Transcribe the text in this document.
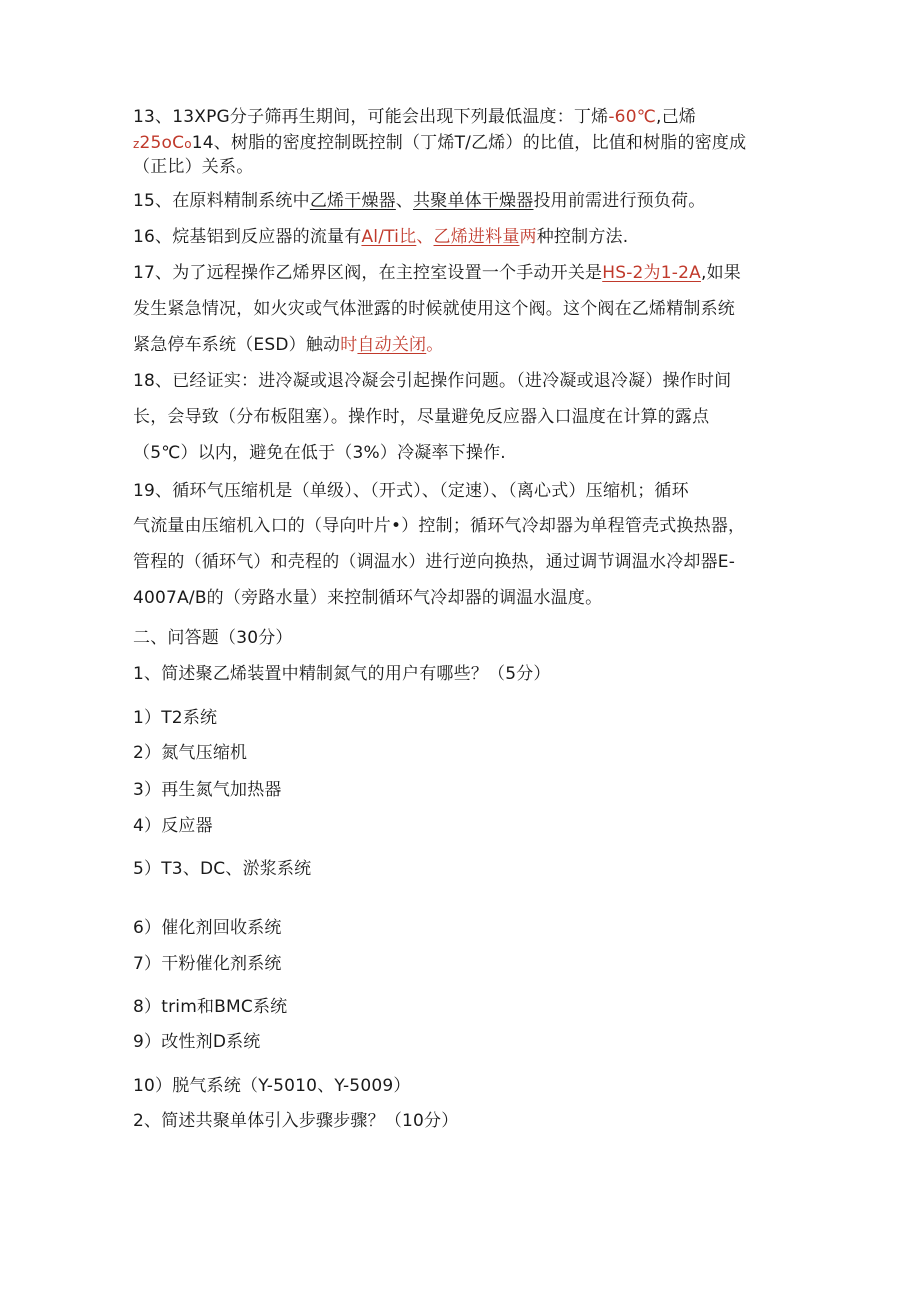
13、13XPG分子筛再生期间，可能会出现下列最低温度：丁烯-60℃,己烯
z25oCo14、树脂的密度控制既控制（丁烯T/乙烯）的比值，比值和树脂的密度成
（正比）关系。
15、在原料精制系统中乙烯干燥器、共聚单体干燥器投用前需进行预负荷。
16、烷基铝到反应器的流量有Al/Ti比、乙烯进料量两种控制方法.
17、为了远程操作乙烯界区阀，在主控室设置一个手动开关是HS-2为1-2A,如果
发生紧急情况，如火灾或气体泄露的时候就使用这个阀。这个阀在乙烯精制系统
紧急停车系统（ESD）触动时自动关闭。
18、已经证实：进冷凝或退冷凝会引起操作问题。（进冷凝或退冷凝）操作时间
长，会导致（分布板阻塞）。操作时，尽量避免反应器入口温度在计算的露点
（5℃）以内，避免在低于（3%）冷凝率下操作.
19、循环气压缩机是（单级）、（开式）、（定速）、（离心式）压缩机；循环
气流量由压缩机入口的（导向叶片•）控制；循环气冷却器为单程管壳式换热器，
管程的（循环气）和壳程的（调温水）进行逆向换热，通过调节调温水冷却器E-
4007A/B的（旁路水量）来控制循环气冷却器的调温水温度。
二、问答题（30分）
1、简述聚乙烯装置中精制氮气的用户有哪些？（5分）
1）T2系统
2）氮气压缩机
3）再生氮气加热器
4）反应器
5）T3、DC、淤浆系统
6）催化剂回收系统
7）干粉催化剂系统
8）trim和BMC系统
9）改性剂D系统
10）脱气系统（Y-5010、Y-5009）
2、简述共聚单体引入步骤步骤？（10分）
